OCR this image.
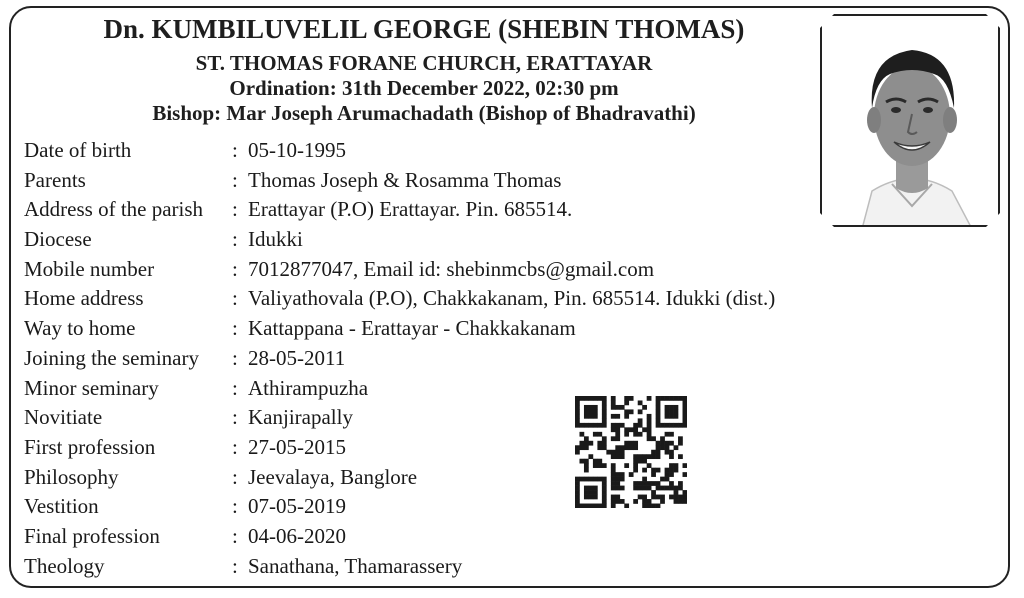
Dn. KUMBILUVELIL GEORGE (SHEBIN THOMAS)
ST. THOMAS FORANE CHURCH, ERATTAYAR
Ordination: 31th December 2022, 02:30 pm
Bishop: Mar Joseph Arumachadath (Bishop of Bhadravathi)
Date of birth	: 05-10-1995
Parents	: Thomas Joseph & Rosamma Thomas
Address of the parish : Erattayar (P.O) Erattayar. Pin. 685514.
Diocese	: Idukki
Mobile number	: 7012877047, Email id: shebinmcbs@gmail.com
Home address	: Valiyathovala (P.O), Chakkakanam, Pin. 685514. Idukki (dist.)
Way to home	: Kattappana - Erattayar - Chakkakanam
Joining the seminary : 28-05-2011
Minor seminary	: Athirampuzha
Novitiate	: Kanjirapally
First profession	: 27-05-2015
Philosophy	: Jeevalaya, Banglore
Vestition	: 07-05-2019
Final profession	: 04-06-2020
Theology	: Sanathana, Thamarassery
